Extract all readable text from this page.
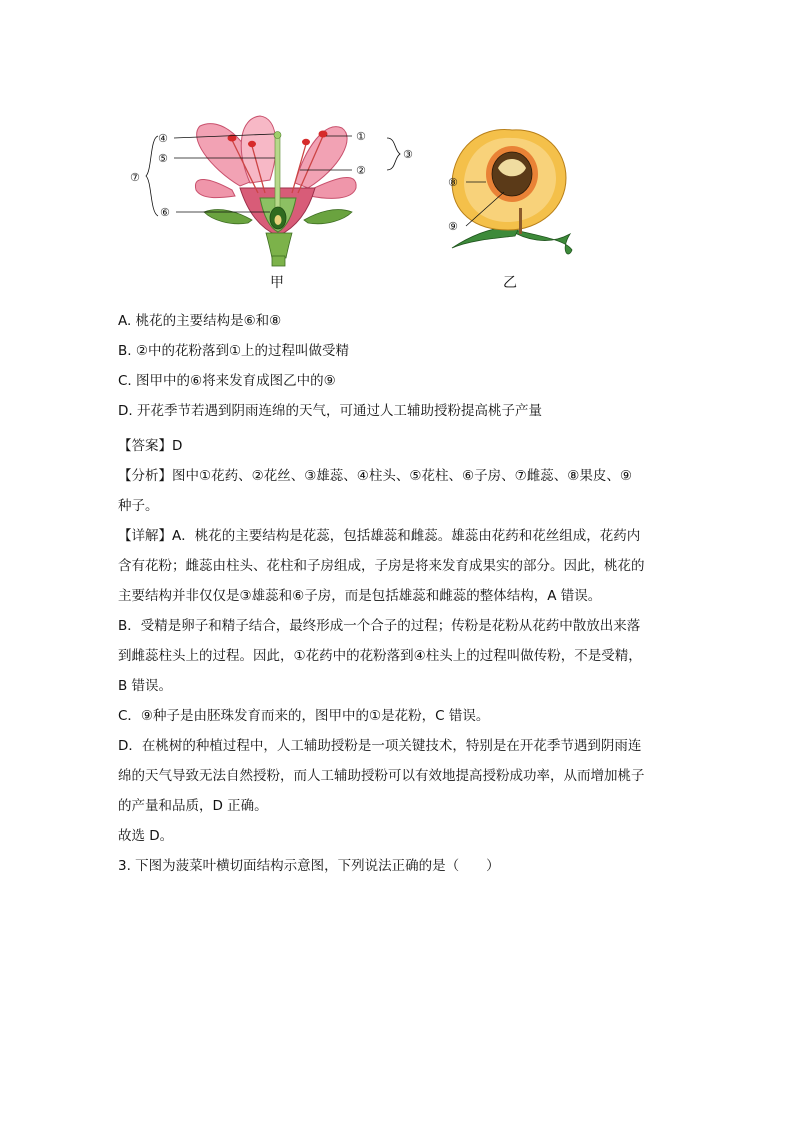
④
⑤
⑥
⑦
①
②
③
⑧
⑨
甲	乙
A. 桃花的主要结构是⑥和⑧
B. ②中的花粉落到①上的过程叫做受精
C. 图甲中的⑥将来发育成图乙中的⑨
D. 开花季节若遇到阴雨连绵的天气，可通过人工辅助授粉提高桃子产量
【答案】D
【分析】图中①花药、②花丝、③雄蕊、④柱头、⑤花柱、⑥子房、⑦雌蕊、⑧果皮、⑨
种子。
【详解】A．桃花的主要结构是花蕊，包括雄蕊和雌蕊。雄蕊由花药和花丝组成，花药内
含有花粉；雌蕊由柱头、花柱和子房组成，子房是将来发育成果实的部分。因此，桃花的
主要结构并非仅仅是③雄蕊和⑥子房，而是包括雄蕊和雌蕊的整体结构，A 错误。
B．受精是卵子和精子结合，最终形成一个合子的过程；传粉是花粉从花药中散放出来落
到雌蕊柱头上的过程。因此，①花药中的花粉落到④柱头上的过程叫做传粉，不是受精，
B 错误。
C．⑨种子是由胚珠发育而来的，图甲中的①是花粉，C 错误。
D．在桃树的种植过程中，人工辅助授粉是一项关键技术，特别是在开花季节遇到阴雨连
绵的天气导致无法自然授粉，而人工辅助授粉可以有效地提高授粉成功率，从而增加桃子
的产量和品质，D 正确。
故选 D。
3. 下图为菠菜叶横切面结构示意图，下列说法正确的是（　　）
